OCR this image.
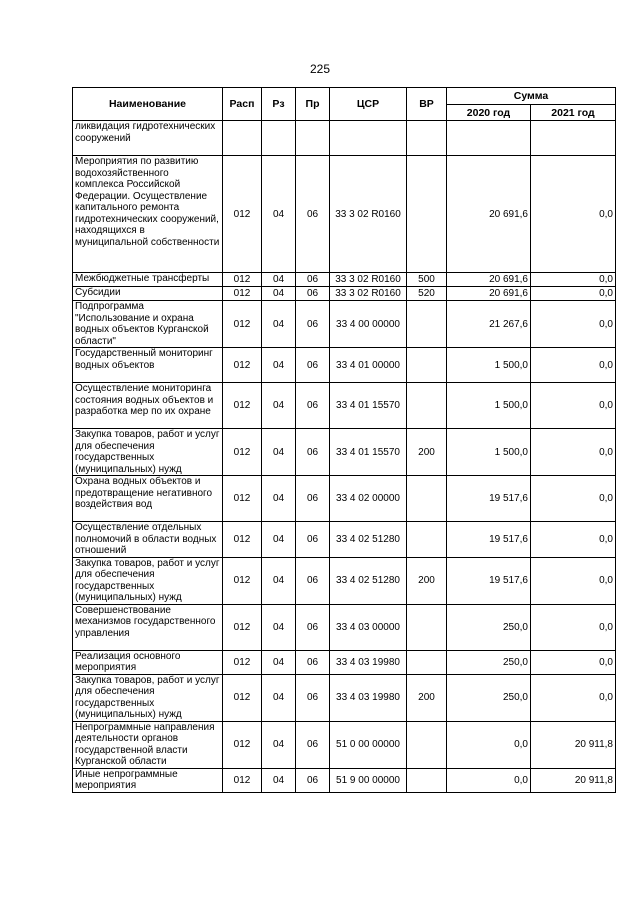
225
Наименование	Расп	Рз	Пр	ЦСР	ВР	Сумма	
						2020 год	2021 год
ликвидация гидротехнических сооружений							
Мероприятия по развитию водохозяйственного комплекса Российской Федерации. Осуществление капитального ремонта гидротехнических сооружений, находящихся в муниципальной собственности	012	04	06	33 3 02 R0160		20 691,6	0,0
Межбюджетные трансферты	012	04	06	33 3 02 R0160	500	20 691,6	0,0
Субсидии	012	04	06	33 3 02 R0160	520	20 691,6	0,0
Подпрограмма "Использование и охрана водных объектов Курганской области"	012	04	06	33 4 00 00000		21 267,6	0,0
Государственный мониторинг водных объектов	012	04	06	33 4 01 00000		1 500,0	0,0
Осуществление мониторинга состояния водных объектов и разработка мер по их охране	012	04	06	33 4 01 15570		1 500,0	0,0
Закупка товаров, работ и услуг для обеспечения государственных (муниципальных) нужд	012	04	06	33 4 01 15570	200	1 500,0	0,0
Охрана водных объектов и предотвращение негативного воздействия вод	012	04	06	33 4 02 00000		19 517,6	0,0
Осуществление отдельных полномочий в области водных отношений	012	04	06	33 4 02 51280		19 517,6	0,0
Закупка товаров, работ и услуг для обеспечения государственных (муниципальных) нужд	012	04	06	33 4 02 51280	200	19 517,6	0,0
Совершенствование механизмов государственного управления	012	04	06	33 4 03 00000		250,0	0,0
Реализация основного мероприятия	012	04	06	33 4 03 19980		250,0	0,0
Закупка товаров, работ и услуг для обеспечения государственных (муниципальных) нужд	012	04	06	33 4 03 19980	200	250,0	0,0
Непрограммные направления деятельности органов государственной власти Курганской области	012	04	06	51 0 00 00000		0,0	20 911,8
Иные непрограммные мероприятия	012	04	06	51 9 00 00000		0,0	20 911,8
